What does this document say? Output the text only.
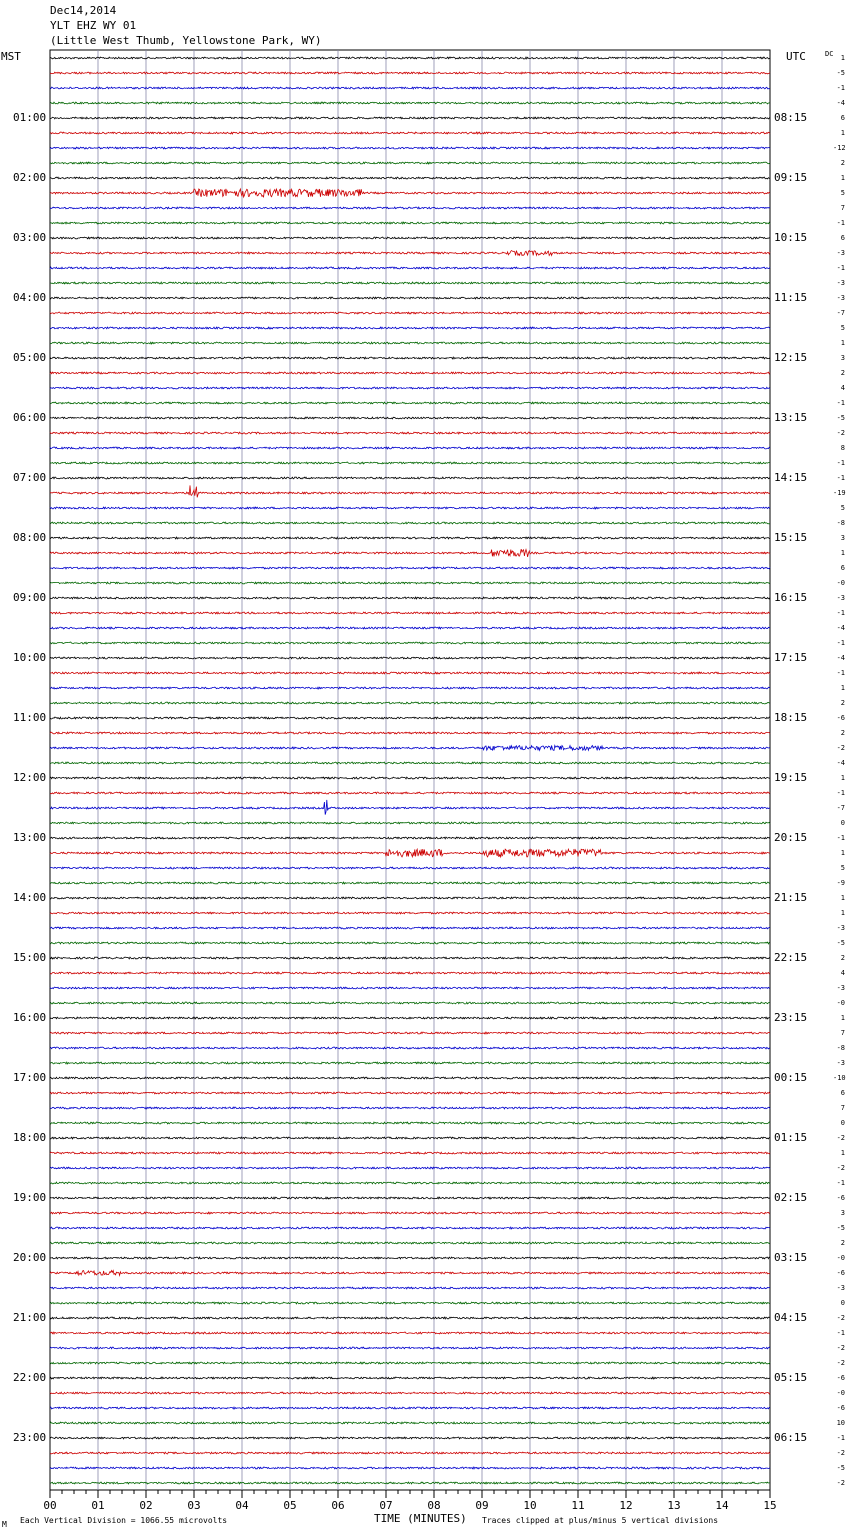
Dec14,2014
YLT EHZ WY 01
(Little West Thumb, Yellowstone Park, WY)
MST	UTC	DC
00	01	02	03	04	05	06	07	08	09	10	11	12	13	14	15
1
-5
-1
-4
6
1
-12
2
1
5
7
-1
6
-3
-1
-3
-3
-7
5
1
3
2
4
-1
-5
-2
8
-1
-1
-19
5
-8
3
1
6
-0
-3
-1
-4
-1
-4
-1
1
2
-6
2
-2
-4
1
-1
-7
0
-1
1
5
-9
1
1
-3
-5
2
4
-3
-0
1
7
-8
-3
-10
6
7
0
-2
1
-2
-1
-6
3
-5
2
-0
-6
-3
0
-2
-1
-2
-2
-6
-0
-6
10
-1
-2
-5
-2
01:00	08:15
02:00	09:15
03:00	10:15
04:00	11:15
05:00	12:15
06:00	13:15
07:00	14:15
08:00	15:15
09:00	16:15
10:00	17:15
11:00	18:15
12:00	19:15
13:00	20:15
14:00	21:15
15:00	22:15
16:00	23:15
17:00	00:15
18:00	01:15
19:00	02:15
20:00	03:15
21:00	04:15
22:00	05:15
23:00	06:15
M Each Vertical Division = 1066.55 microvolts	TIME (MINUTES) Traces clipped at plus/minus 5 vertical divisions
